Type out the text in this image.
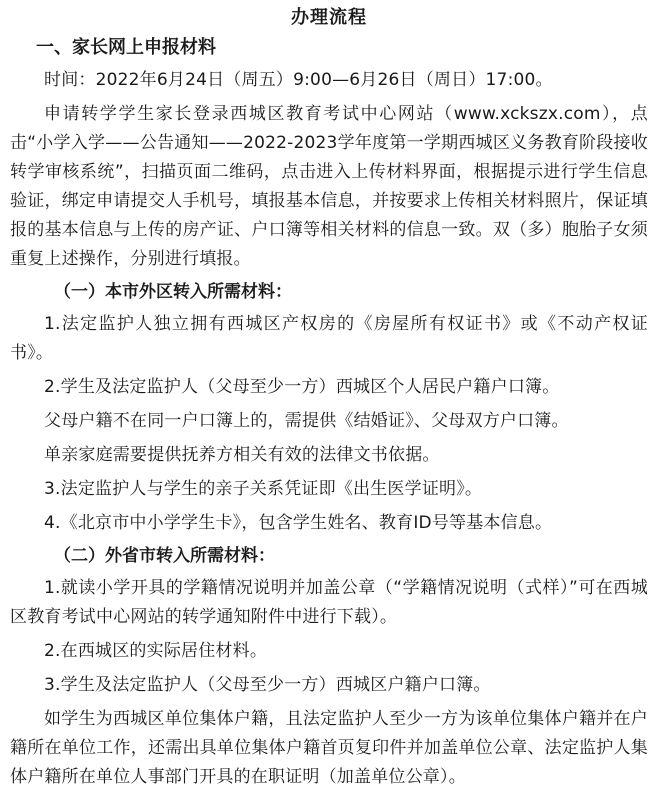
办理流程
一、家长网上申报材料
时间：2022年6月24日（周五）9:00—6月26日（周日）17:00。
申请转学学生家长登录西城区教育考试中心网站（www.xckszx.com），点击“小学入学——公告通知——2022-2023学年度第一学期西城区义务教育阶段接收转学审核系统”，扫描页面二维码，点击进入上传材料界面，根据提示进行学生信息验证，绑定申请提交人手机号，填报基本信息，并按要求上传相关材料照片，保证填报的基本信息与上传的房产证、户口簿等相关材料的信息一致。双（多）胞胎子女须重复上述操作，分别进行填报。
（一）本市外区转入所需材料：
1.法定监护人独立拥有西城区产权房的《房屋所有权证书》或《不动产权证书》。
2.学生及法定监护人（父母至少一方）西城区个人居民户籍户口簿。
父母户籍不在同一户口簿上的，需提供《结婚证》、父母双方户口簿。
单亲家庭需要提供抚养方相关有效的法律文书依据。
3.法定监护人与学生的亲子关系凭证即《出生医学证明》。
4.《北京市中小学学生卡》，包含学生姓名、教育ID号等基本信息。
（二）外省市转入所需材料：
1.就读小学开具的学籍情况说明并加盖公章（“学籍情况说明（式样）”可在西城区教育考试中心网站的转学通知附件中进行下载）。
2.在西城区的实际居住材料。
3.学生及法定监护人（父母至少一方）西城区户籍户口簿。
如学生为西城区单位集体户籍，且法定监护人至少一方为该单位集体户籍并在户籍所在单位工作，还需出具单位集体户籍首页复印件并加盖单位公章、法定监护人集体户籍所在单位人事部门开具的在职证明（加盖单位公章）。
